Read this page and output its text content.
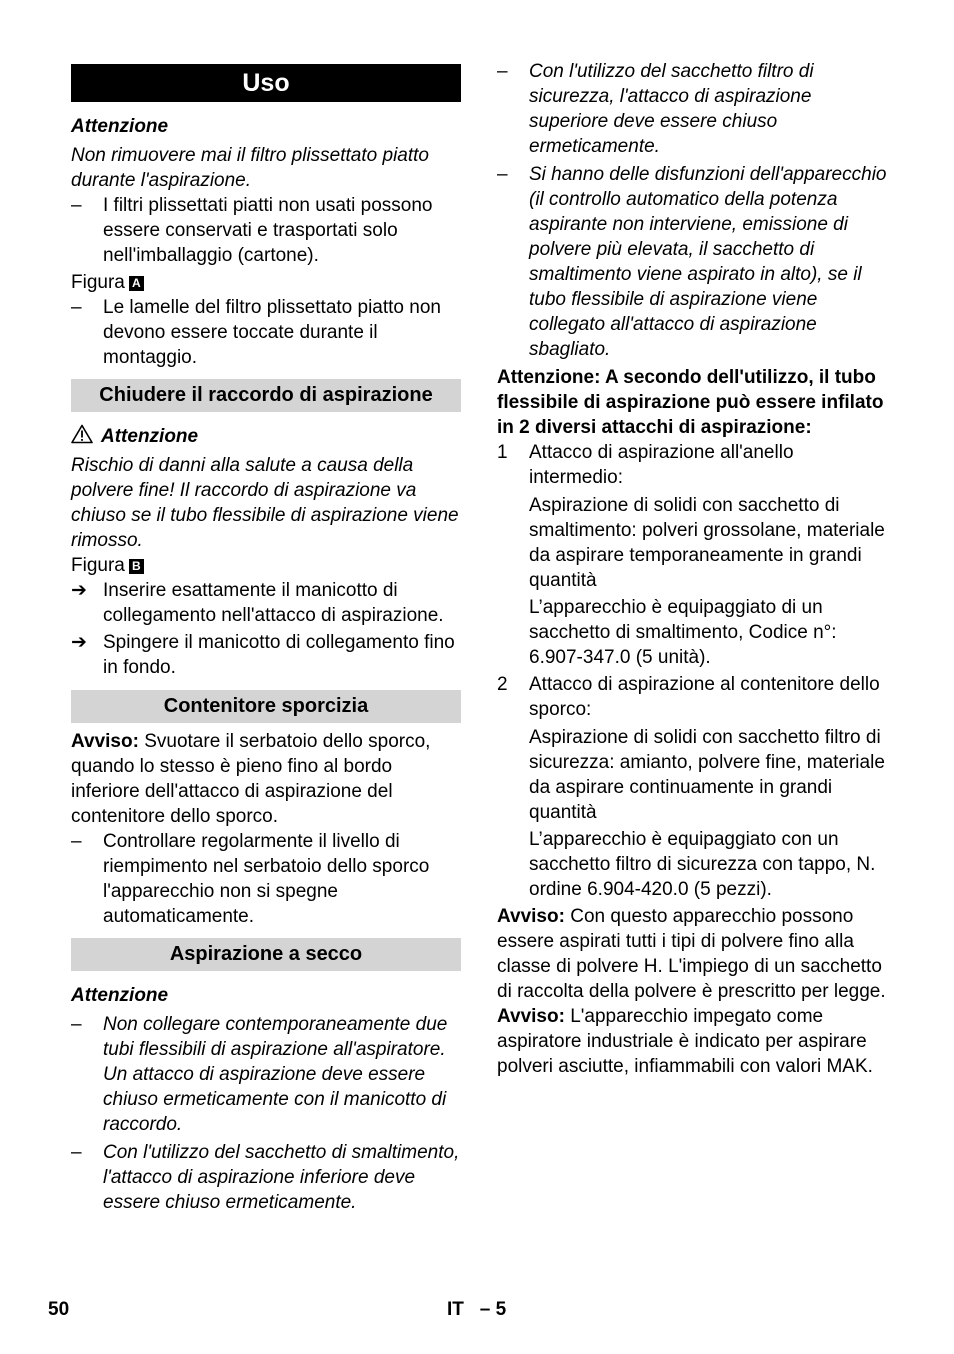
Uso
Attenzione
Non rimuovere mai il filtro plissettato piatto durante l'aspirazione.
–	I filtri plissettati piatti non usati possono essere conservati e trasportati solo nell'imballaggio (cartone).
Figura A
–	Le lamelle del filtro plissettato piatto non devono essere toccate durante il montaggio.
Chiudere il raccordo di aspirazione
Attenzione
Rischio di danni alla salute a causa della polvere fine! Il raccordo di aspirazione va chiuso se il tubo flessibile di aspirazione viene rimosso.
Figura B
➔ Inserire esattamente il manicotto di collegamento nell'attacco di aspirazione.
➔ Spingere il manicotto di collegamento fino in fondo.
Contenitore sporcizia
Avviso: Svuotare il serbatoio dello sporco, quando lo stesso è pieno fino al bordo inferiore dell'attacco di aspirazione del contenitore dello sporco.
–	Controllare regolarmente il livello di riempimento nel serbatoio dello sporco l'apparecchio non si spegne automaticamente.
Aspirazione a secco
Attenzione
–	Non collegare contemporaneamente due tubi flessibili di aspirazione all'aspiratore. Un attacco di aspirazione deve essere chiuso ermeticamente con il manicotto di raccordo.
–	Con l'utilizzo del sacchetto di smaltimento, l'attacco di aspirazione inferiore deve essere chiuso ermeticamente.
–	Con l'utilizzo del sacchetto filtro di sicurezza, l'attacco di aspirazione superiore deve essere chiuso ermeticamente.
–	Si hanno delle disfunzioni dell'apparecchio (il controllo automatico della potenza aspirante non interviene, emissione di polvere più elevata, il sacchetto di smaltimento viene aspirato in alto), se il tubo flessibile di aspirazione viene collegato all'attacco di aspirazione sbagliato.
Attenzione: A secondo dell'utilizzo, il tubo flessibile di aspirazione può essere infilato in 2 diversi attacchi di aspirazione:
1	Attacco di aspirazione all'anello intermedio:
Aspirazione di solidi con sacchetto di smaltimento: polveri grossolane, materiale da aspirare temporaneamente in grandi quantità
L’apparecchio è equipaggiato di un sacchetto di smaltimento, Codice n°: 6.907-347.0 (5 unità).
2	Attacco di aspirazione al contenitore dello sporco:
Aspirazione di solidi con sacchetto filtro di sicurezza: amianto, polvere fine, materiale da aspirare continuamente in grandi quantità
L’apparecchio è equipaggiato con un sacchetto filtro di sicurezza con tappo, N. ordine 6.904-420.0 (5 pezzi).
Avviso: Con questo apparecchio possono essere aspirati tutti i tipi di polvere fino alla classe di polvere H. L'impiego di un sacchetto di raccolta della polvere è prescritto per legge.
Avviso: L'apparecchio impegato come aspiratore industriale è indicato per aspirare polveri asciutte, infiammabili con valori MAK.
50	IT   – 5
